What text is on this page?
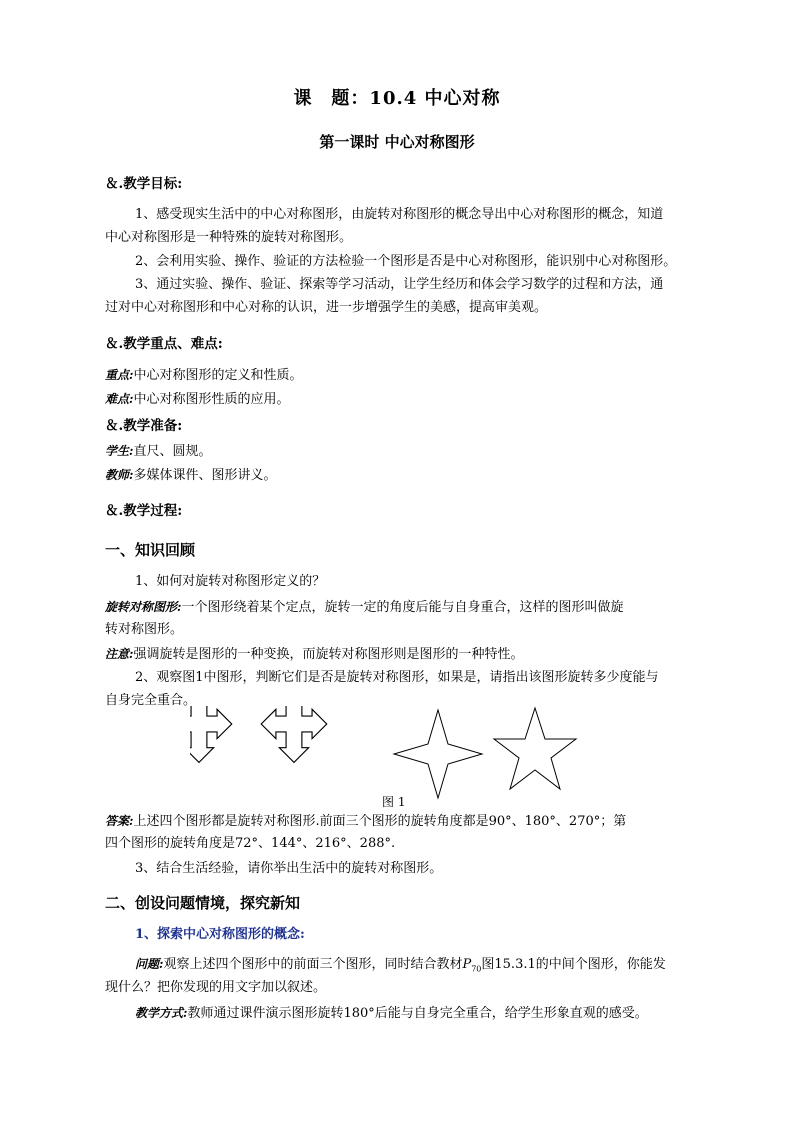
课　题：10.4 中心对称
第一课时 中心对称图形
＆.教学目标:
1、感受现实生活中的中心对称图形，由旋转对称图形的概念导出中心对称图形的概念，知道
中心对称图形是一种特殊的旋转对称图形。
2、会利用实验、操作、验证的方法检验一个图形是否是中心对称图形，能识别中心对称图形。
3、通过实验、操作、验证、探索等学习活动，让学生经历和体会学习数学的过程和方法，通
过对中心对称图形和中心对称的认识，进一步增强学生的美感，提高审美观。
＆.教学重点、难点:
重点:中心对称图形的定义和性质。
难点:中心对称图形性质的应用。
＆.教学准备:
学生:直尺、圆规。
教师:多媒体课件、图形讲义。
＆.教学过程:
一、知识回顾
1、如何对旋转对称图形定义的？
旋转对称图形:一个图形绕着某个定点，旋转一定的角度后能与自身重合，这样的图形叫做旋
转对称图形。
注意:强调旋转是图形的一种变换，而旋转对称图形则是图形的一种特性。
2、观察图1中图形，判断它们是否是旋转对称图形，如果是，请指出该图形旋转多少度能与
自身完全重合。
图 1
答案:上述四个图形都是旋转对称图形.前面三个图形的旋转角度都是90°、180°、270°；第
四个图形的旋转角度是72°、144°、216°、288°.
3、结合生活经验，请你举出生活中的旋转对称图形。
二、创设问题情境，探究新知
1、探索中心对称图形的概念:
问题:观察上述四个图形中的前面三个图形，同时结合教材$P_{70}$图15.3.1的中间个图形，你能发
现什么？把你发现的用文字加以叙述。
教学方式:教师通过课件演示图形旋转180°后能与自身完全重合，给学生形象直观的感受。
